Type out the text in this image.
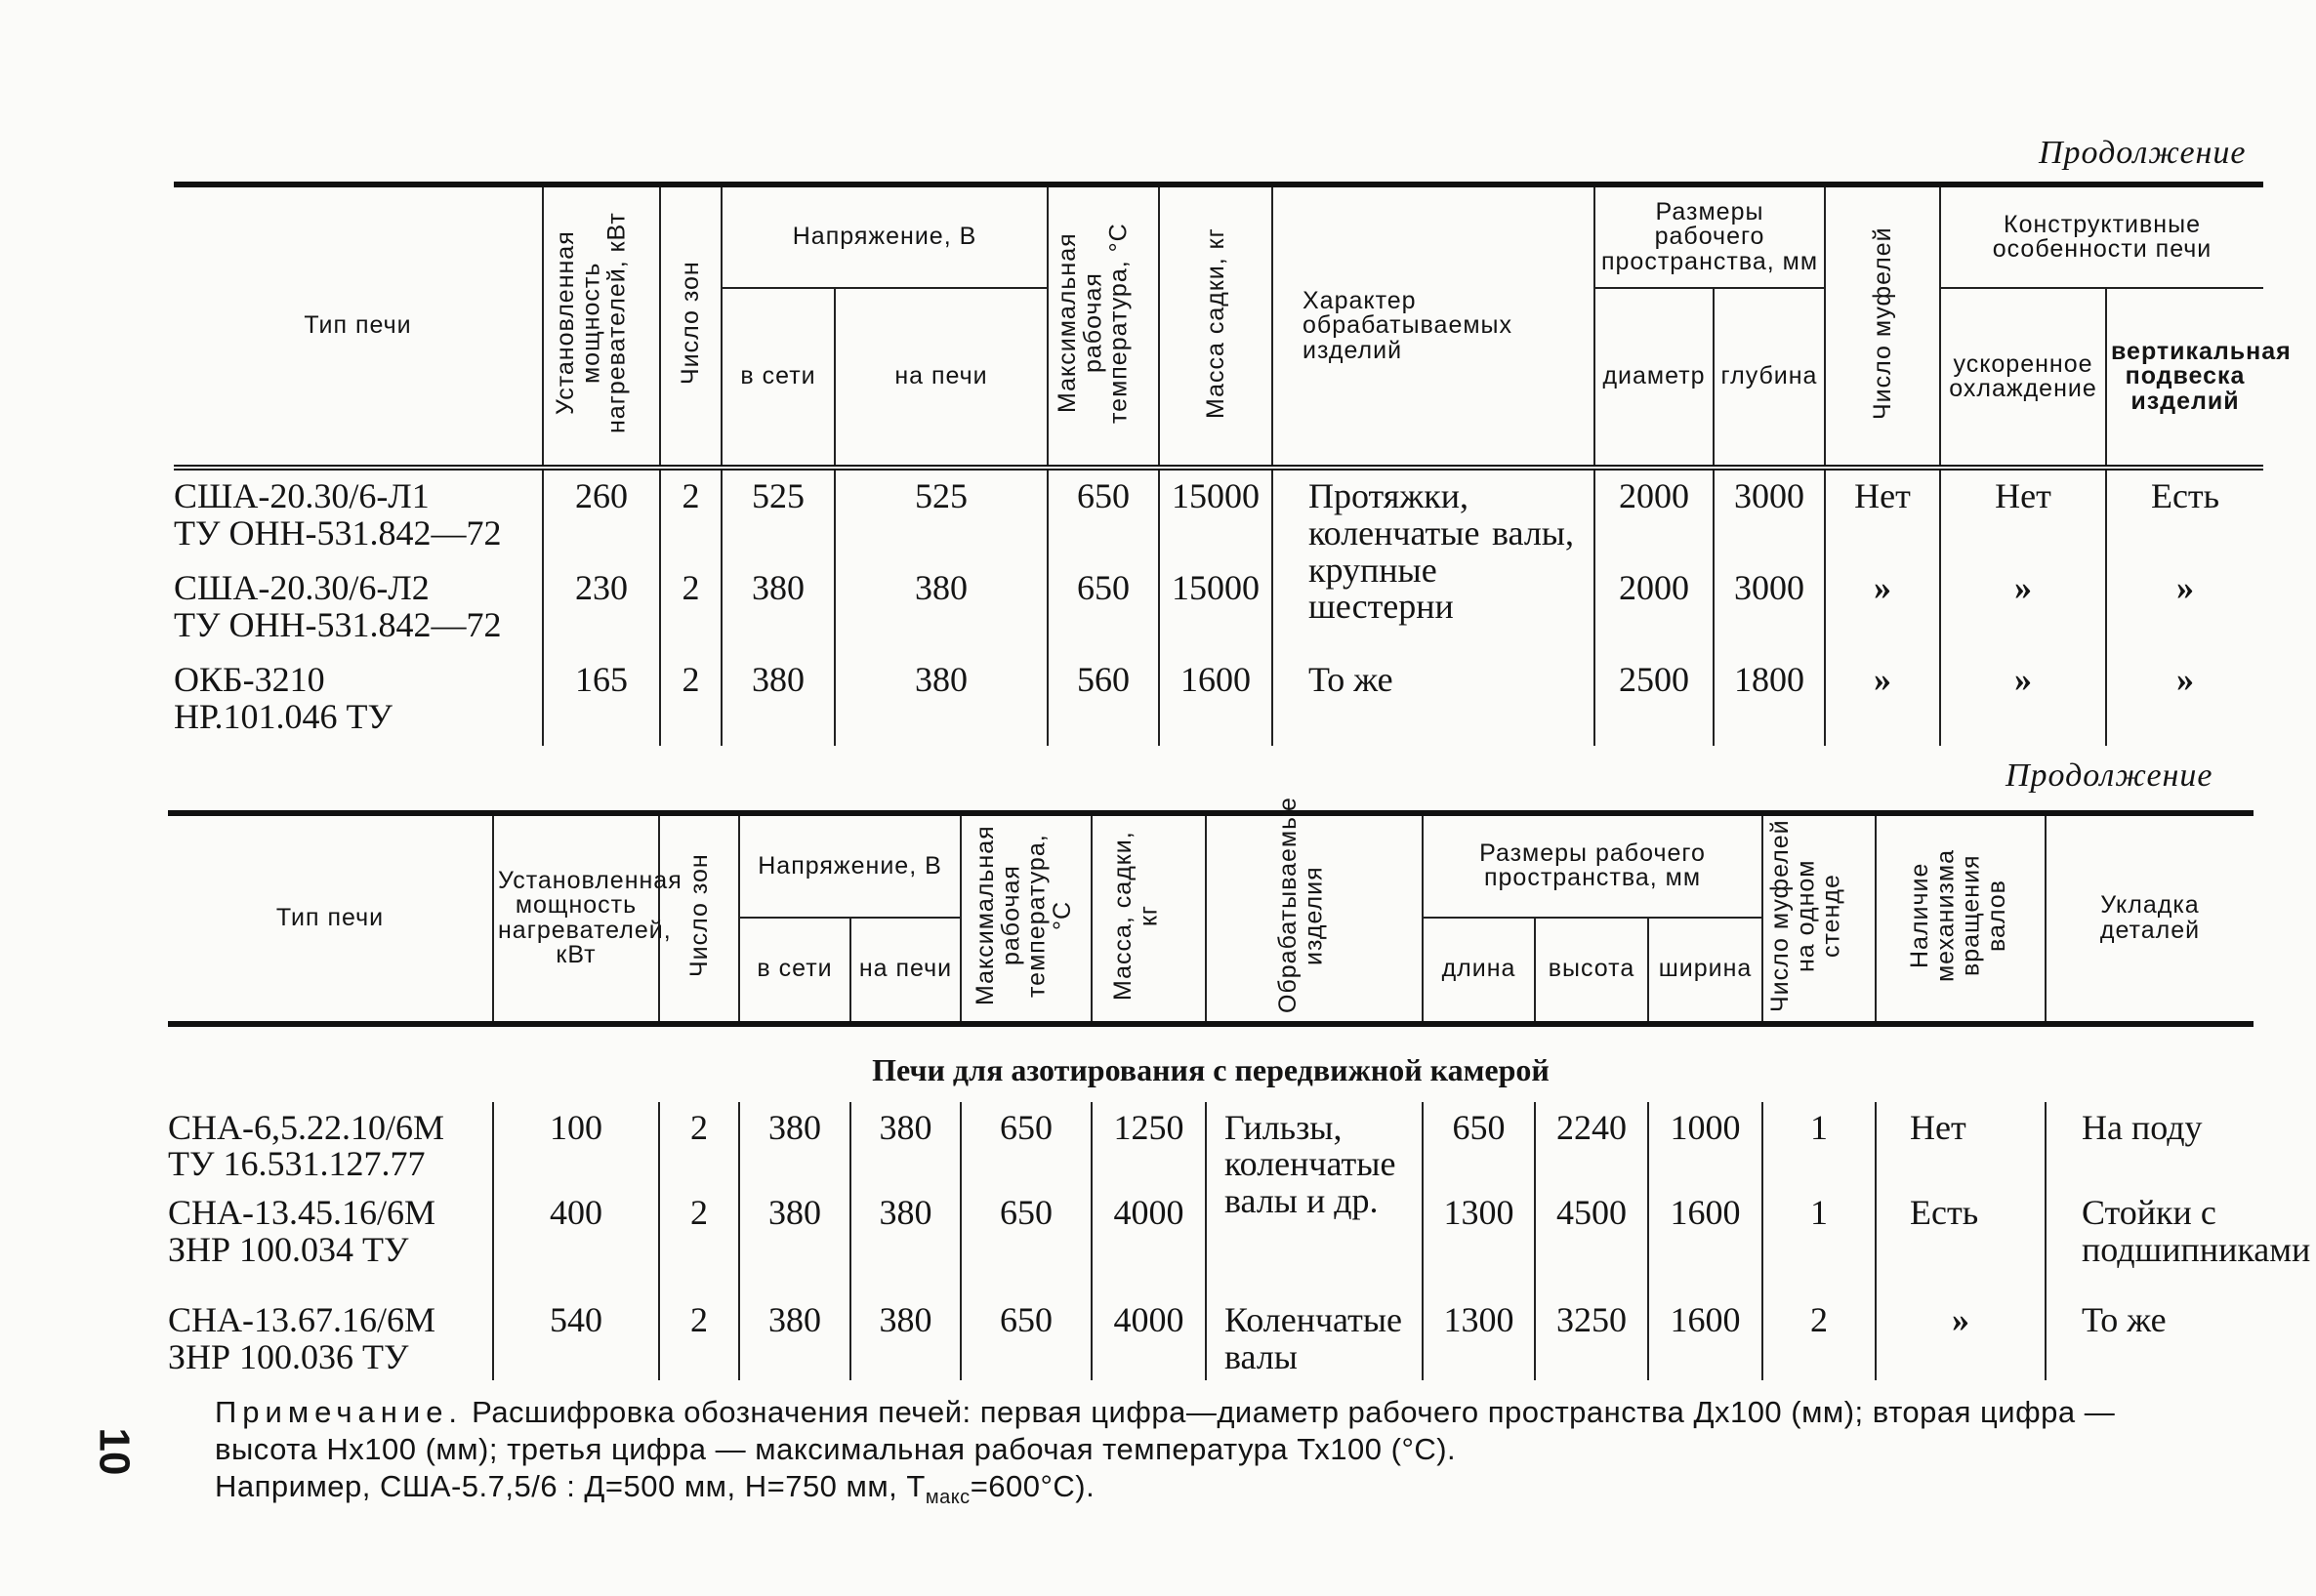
Продолжение
Тип печи	Установленная мощность нагревателей, кВт	Число зон	Напряжение, В		Максимальная рабочая температура, °С	Масса садки, кг	Характер обрабатываемых изделий	Размеры рабочего пространства, мм		Число муфелей	Конструктивные особенности печи	
			в сети	на печи				диаметр	глубина		ускоренное охлаждение	вертикальная подвеска изделий

США-20.30/6-Л1
ТУ ОНН-531.842—72	260	2	525	525	650	15000	Протяжки, коленчатые валы, крупные шестерни	2000	3000	Нет	Нет	Есть

США-20.30/6-Л2
ТУ ОНН-531.842—72	230	2	380	380	650	15000		2000	3000	»	»	»

ОКБ-3210
НР.101.046 ТУ	165	2	380	380	560	1600	То же	2500	1800	»	»	»
Продолжение
Тип печи	Установленная мощность нагревателей, кВт	Число зон	Напряжение, В		Максимальная рабочая температура, °С	Масса, садки, кг	Обрабатываемые изделия	Размеры рабочего пространства, мм			Число муфелей на одном стенде	Наличие механизма вращения валов	Укладка деталей
			в сети	на печи				длина	высота	ширина			
Печи для азотирования с передвижной камерой													

СНА-6,5.22.10/6М
ТУ 16.531.127.77	100	2	380	380	650	1250	Гильзы, коленчатые валы и др.	650	2240	1000	1	Нет	На поду

СНА-13.45.16/6М
ЗНР 100.034 ТУ	400	2	380	380	650	4000		1300	4500	1600	1	Есть	Стойки с подшипниками

СНА-13.67.16/6М
ЗНР 100.036 ТУ	540	2	380	380	650	4000	Коленчатые валы	1300	3250	1600	2	»	То же
10
Примечание. Расшифровка обозначения печей: первая цифра—диаметр рабочего пространства Дх100 (мм); вторая цифра — высота Нх100 (мм); третья цифра — максимальная рабочая температура Тх100 (°С).
Например, США-5.7,5/6 : Д=500 мм, Н=750 мм, $Т_{макс}=600^\circ С$).
